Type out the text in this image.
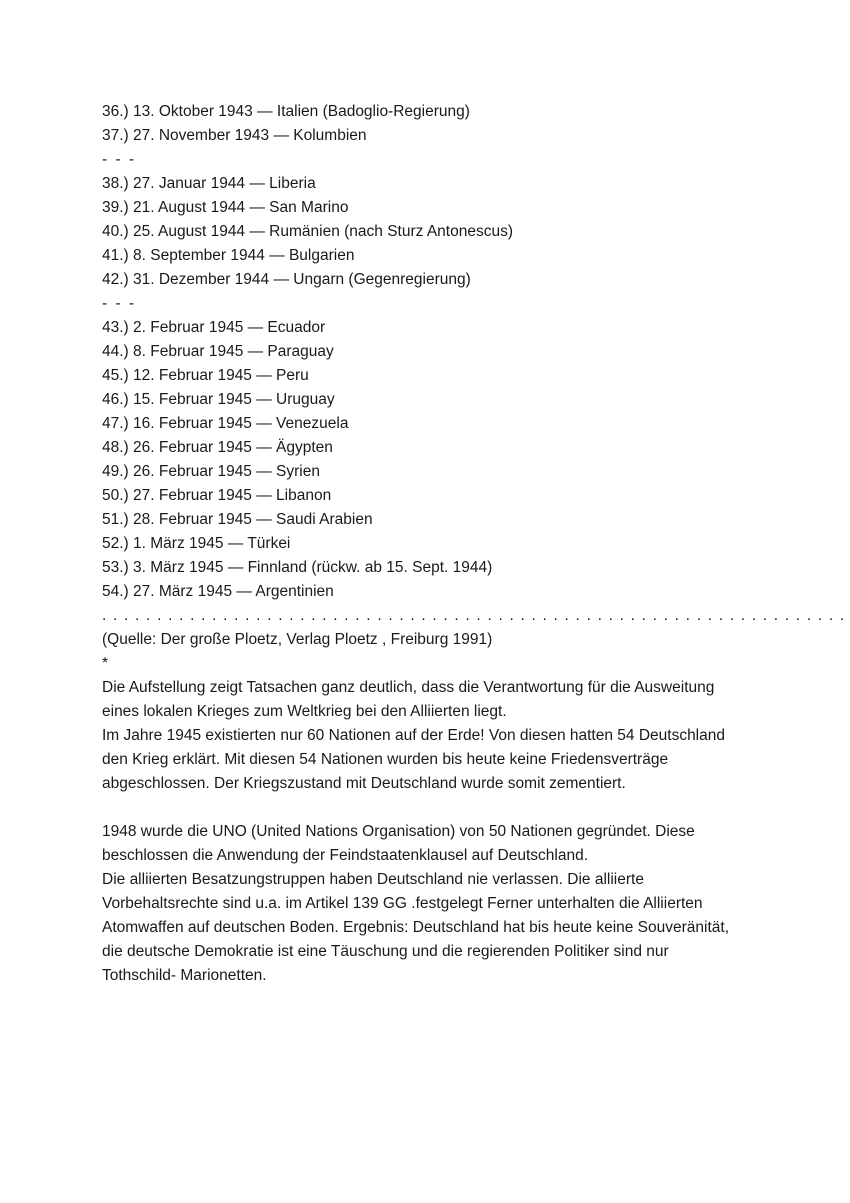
36.) 13. Oktober 1943 — Italien (Badoglio-Regierung)
37.) 27. November 1943 — Kolumbien
- - -
38.) 27. Januar 1944 — Liberia
39.) 21. August 1944 — San Marino
40.) 25. August 1944 — Rumänien (nach Sturz Antonescus)
41.) 8. September 1944 — Bulgarien
42.) 31. Dezember 1944 — Ungarn (Gegenregierung)
- - -
43.) 2. Februar 1945 — Ecuador
44.) 8. Februar 1945 — Paraguay
45.) 12. Februar 1945 — Peru
46.) 15. Februar 1945 — Uruguay
47.) 16. Februar 1945 — Venezuela
48.) 26. Februar 1945 — Ägypten
49.) 26. Februar 1945 — Syrien
50.) 27. Februar 1945 — Libanon
51.) 28. Februar 1945 — Saudi Arabien
52.) 1. März 1945 — Türkei
53.) 3. März 1945 — Finnland (rückw. ab 15. Sept. 1944)
54.) 27. März 1945 — Argentinien
. . . . . . . . . . . . . . . . . . . . . . . . . . . . . . . . . . . . . . . . . . . . . . . . . . . . . . . . . . . . . . . . . . . .
(Quelle: Der große Ploetz, Verlag Ploetz , Freiburg 1991)
*
Die Aufstellung zeigt Tatsachen ganz deutlich, dass die Verantwortung für die Ausweitung
eines lokalen Krieges zum Weltkrieg bei den Alliierten liegt.
Im Jahre 1945 existierten nur 60 Nationen auf der Erde! Von diesen hatten 54 Deutschland
den Krieg erklärt. Mit diesen 54 Nationen wurden bis heute keine Friedensverträge
abgeschlossen. Der Kriegszustand mit Deutschland wurde somit zementiert.
1948 wurde die UNO (United Nations Organisation) von 50 Nationen gegründet. Diese
beschlossen die Anwendung der Feindstaatenklausel auf Deutschland.
Die alliierten Besatzungstruppen haben Deutschland nie verlassen. Die alliierte
Vorbehaltsrechte sind u.a. im Artikel 139 GG .festgelegt Ferner unterhalten die Alliierten
Atomwaffen auf deutschen Boden. Ergebnis: Deutschland hat bis heute keine Souveränität,
die deutsche Demokratie ist eine Täuschung und die regierenden Politiker sind nur
Tothschild- Marionetten.
